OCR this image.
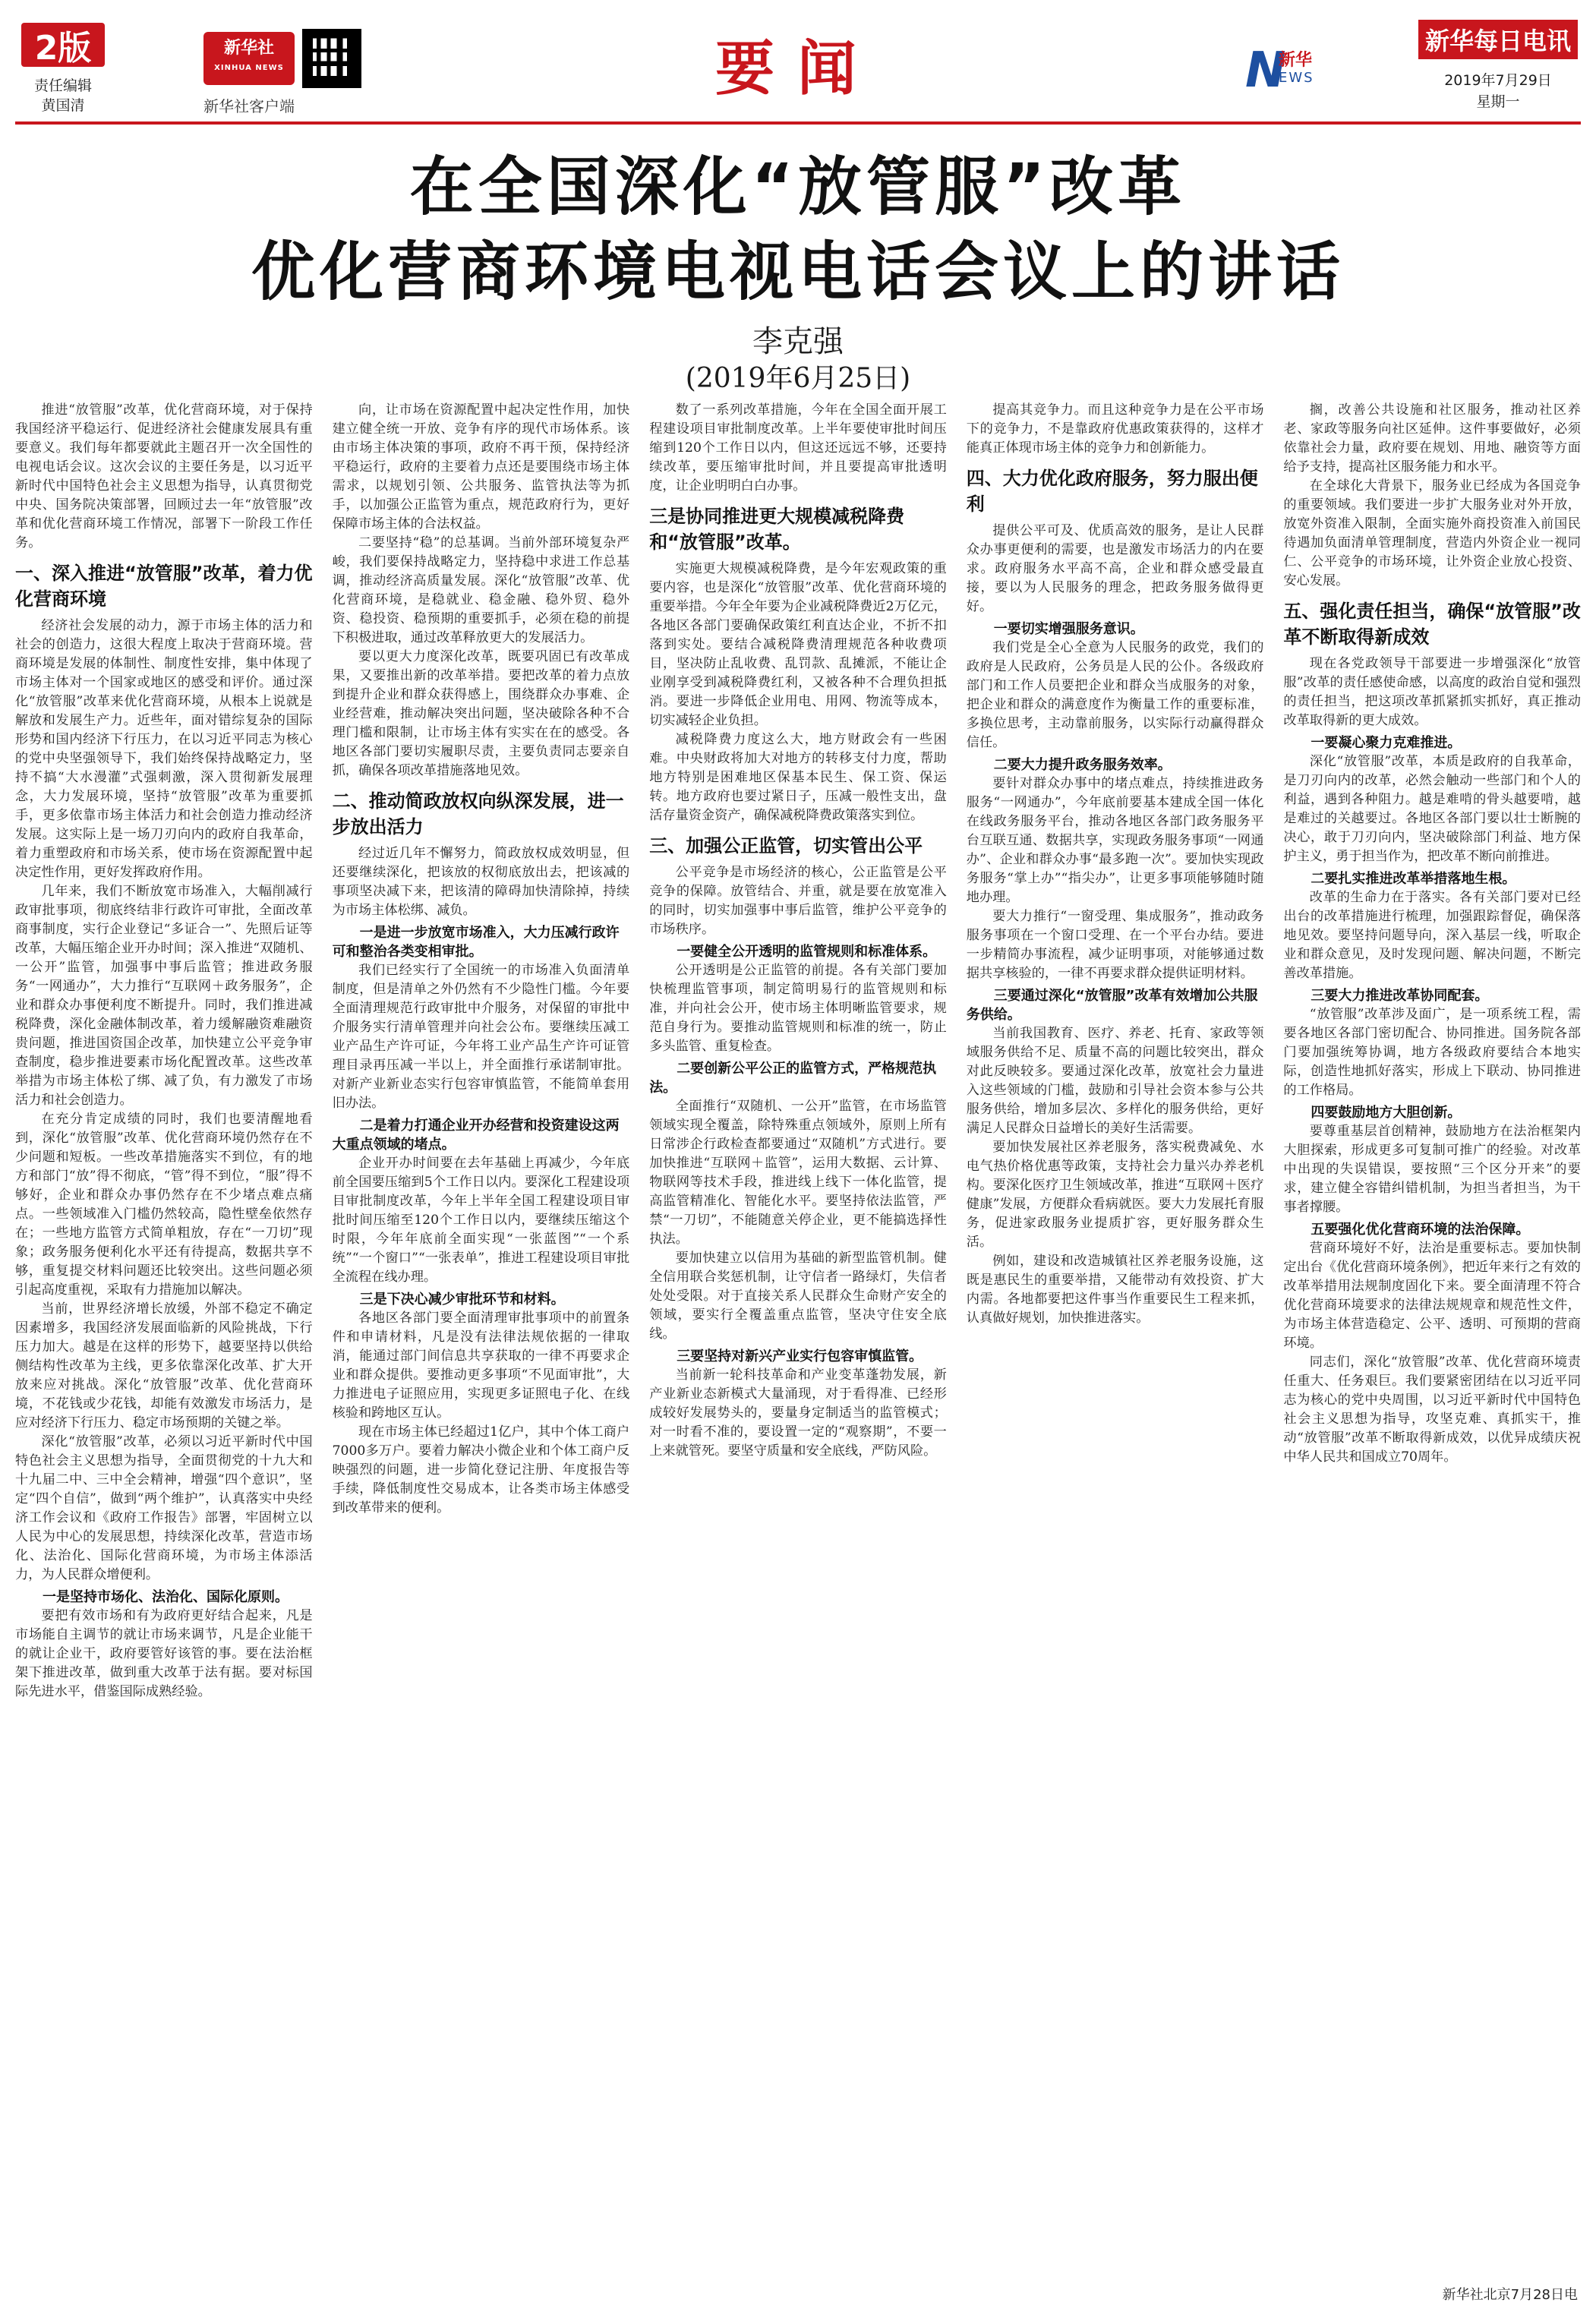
2版
责任编辑
黄国清
新华社
XINHUA NEWS
新华社客户端
要闻	N
新华
EWS
新华每日电讯
2019年7月29日
星期一
在全国深化“放管服”改革
优化营商环境电视电话会议上的讲话
李克强
(2019年6月25日)
推进“放管服”改革，优化营商环境，对于保持我国经济平稳运行、促进经济社会健康发展具有重要意义。我们每年都要就此主题召开一次全国性的电视电话会议。这次会议的主要任务是，以习近平新时代中国特色社会主义思想为指导，认真贯彻党中央、国务院决策部署，回顾过去一年“放管服”改革和优化营商环境工作情况，部署下一阶段工作任务。
一、深入推进“放管服”改革，着力优化营商环境
经济社会发展的动力，源于市场主体的活力和社会的创造力，这很大程度上取决于营商环境。营商环境是发展的体制性、制度性安排，集中体现了市场主体对一个国家或地区的感受和评价。通过深化“放管服”改革来优化营商环境，从根本上说就是解放和发展生产力。近些年，面对错综复杂的国际形势和国内经济下行压力，在以习近平同志为核心的党中央坚强领导下，我们始终保持战略定力，坚持不搞“大水漫灌”式强刺激，深入贯彻新发展理念，大力发展环境，坚持“放管服”改革为重要抓手，更多依靠市场主体活力和社会创造力推动经济发展。这实际上是一场刀刃向内的政府自我革命，着力重塑政府和市场关系，使市场在资源配置中起决定性作用，更好发挥政府作用。
几年来，我们不断放宽市场准入，大幅削减行政审批事项，彻底终结非行政许可审批，全面改革商事制度，实行企业登记“多证合一”、先照后证等改革，大幅压缩企业开办时间；深入推进“双随机、一公开”监管，加强事中事后监管；推进政务服务“一网通办”，大力推行“互联网＋政务服务”，企业和群众办事便利度不断提升。同时，我们推进减税降费，深化金融体制改革，着力缓解融资难融资贵问题，推进国资国企改革，加快建立公平竞争审查制度，稳步推进要素市场化配置改革。这些改革举措为市场主体松了绑、减了负，有力激发了市场活力和社会创造力。
在充分肯定成绩的同时，我们也要清醒地看到，深化“放管服”改革、优化营商环境仍然存在不少问题和短板。一些改革措施落实不到位，有的地方和部门“放”得不彻底，“管”得不到位，“服”得不够好，企业和群众办事仍然存在不少堵点难点痛点。一些领域准入门槛仍然较高，隐性壁垒依然存在；一些地方监管方式简单粗放，存在“一刀切”现象；政务服务便利化水平还有待提高，数据共享不够，重复提交材料问题还比较突出。这些问题必须引起高度重视，采取有力措施加以解决。
当前，世界经济增长放缓，外部不稳定不确定因素增多，我国经济发展面临新的风险挑战，下行压力加大。越是在这样的形势下，越要坚持以供给侧结构性改革为主线，更多依靠深化改革、扩大开放来应对挑战。深化“放管服”改革、优化营商环境，不花钱或少花钱，却能有效激发市场活力，是应对经济下行压力、稳定市场预期的关键之举。
深化“放管服”改革，必须以习近平新时代中国特色社会主义思想为指导，全面贯彻党的十九大和十九届二中、三中全会精神，增强“四个意识”，坚定“四个自信”，做到“两个维护”，认真落实中央经济工作会议和《政府工作报告》部署，牢固树立以人民为中心的发展思想，持续深化改革，营造市场化、法治化、国际化营商环境，为市场主体添活力，为人民群众增便利。
一是坚持市场化、法治化、国际化原则。
要把有效市场和有为政府更好结合起来，凡是市场能自主调节的就让市场来调节，凡是企业能干的就让企业干，政府要管好该管的事。要在法治框架下推进改革，做到重大改革于法有据。要对标国际先进水平，借鉴国际成熟经验。
向，让市场在资源配置中起决定性作用，加快建立健全统一开放、竞争有序的现代市场体系。该由市场主体决策的事项，政府不再干预，保持经济平稳运行，政府的主要着力点还是要围绕市场主体需求，以规划引领、公共服务、监管执法等为抓手，以加强公正监管为重点，规范政府行为，更好保障市场主体的合法权益。
二要坚持“稳”的总基调。当前外部环境复杂严峻，我们要保持战略定力，坚持稳中求进工作总基调，推动经济高质量发展。深化“放管服”改革、优化营商环境，是稳就业、稳金融、稳外贸、稳外资、稳投资、稳预期的重要抓手，必须在稳的前提下积极进取，通过改革释放更大的发展活力。
要以更大力度深化改革，既要巩固已有改革成果，又要推出新的改革举措。要把改革的着力点放到提升企业和群众获得感上，围绕群众办事难、企业经营难，推动解决突出问题，坚决破除各种不合理门槛和限制，让市场主体有实实在在的感受。各地区各部门要切实履职尽责，主要负责同志要亲自抓，确保各项改革措施落地见效。
二、推动简政放权向纵深发展，进一步放出活力
经过近几年不懈努力，简政放权成效明显，但还要继续深化，把该放的权彻底放出去，把该减的事项坚决减下来，把该清的障碍加快清除掉，持续为市场主体松绑、减负。
一是进一步放宽市场准入，大力压减行政许可和整治各类变相审批。
我们已经实行了全国统一的市场准入负面清单制度，但是清单之外仍然有不少隐性门槛。今年要全面清理规范行政审批中介服务，对保留的审批中介服务实行清单管理并向社会公布。要继续压减工业产品生产许可证，今年将工业产品生产许可证管理目录再压减一半以上，并全面推行承诺制审批。对新产业新业态实行包容审慎监管，不能简单套用旧办法。
二是着力打通企业开办经营和投资建设这两大重点领域的堵点。
企业开办时间要在去年基础上再减少，今年底前全国要压缩到5个工作日以内。要深化工程建设项目审批制度改革，今年上半年全国工程建设项目审批时间压缩至120个工作日以内，要继续压缩这个时限，今年年底前全面实现“一张蓝图”“一个系统”“一个窗口”“一张表单”，推进工程建设项目审批全流程在线办理。
三是下决心减少审批环节和材料。
各地区各部门要全面清理审批事项中的前置条件和申请材料，凡是没有法律法规依据的一律取消，能通过部门间信息共享获取的一律不再要求企业和群众提供。要推动更多事项“不见面审批”，大力推进电子证照应用，实现更多证照电子化、在线核验和跨地区互认。
现在市场主体已经超过1亿户，其中个体工商户7000多万户。要着力解决小微企业和个体工商户反映强烈的问题，进一步简化登记注册、年度报告等手续，降低制度性交易成本，让各类市场主体感受到改革带来的便利。
数了一系列改革措施，今年在全国全面开展工程建设项目审批制度改革。上半年要使审批时间压缩到120个工作日以内，但这还远远不够，还要持续改革，要压缩审批时间，并且要提高审批透明度，让企业明明白白办事。
三是协同推进更大规模减税降费和“放管服”改革。
实施更大规模减税降费，是今年宏观政策的重要内容，也是深化“放管服”改革、优化营商环境的重要举措。今年全年要为企业减税降费近2万亿元，各地区各部门要确保政策红利直达企业，不折不扣落到实处。要结合减税降费清理规范各种收费项目，坚决防止乱收费、乱罚款、乱摊派，不能让企业刚享受到减税降费红利，又被各种不合理负担抵消。要进一步降低企业用电、用网、物流等成本，切实减轻企业负担。
减税降费力度这么大，地方财政会有一些困难。中央财政将加大对地方的转移支付力度，帮助地方特别是困难地区保基本民生、保工资、保运转。地方政府也要过紧日子，压减一般性支出，盘活存量资金资产，确保减税降费政策落实到位。
三、加强公正监管，切实管出公平
公平竞争是市场经济的核心，公正监管是公平竞争的保障。放管结合、并重，就是要在放宽准入的同时，切实加强事中事后监管，维护公平竞争的市场秩序。
一要健全公开透明的监管规则和标准体系。
公开透明是公正监管的前提。各有关部门要加快梳理监管事项，制定简明易行的监管规则和标准，并向社会公开，使市场主体明晰监管要求，规范自身行为。要推动监管规则和标准的统一，防止多头监管、重复检查。
二要创新公平公正的监管方式，严格规范执法。
全面推行“双随机、一公开”监管，在市场监管领域实现全覆盖，除特殊重点领域外，原则上所有日常涉企行政检查都要通过“双随机”方式进行。要加快推进“互联网＋监管”，运用大数据、云计算、物联网等技术手段，推进线上线下一体化监管，提高监管精准化、智能化水平。要坚持依法监管，严禁“一刀切”，不能随意关停企业，更不能搞选择性执法。
要加快建立以信用为基础的新型监管机制。健全信用联合奖惩机制，让守信者一路绿灯，失信者处处受限。对于直接关系人民群众生命财产安全的领域，要实行全覆盖重点监管，坚决守住安全底线。
三要坚持对新兴产业实行包容审慎监管。
当前新一轮科技革命和产业变革蓬勃发展，新产业新业态新模式大量涌现，对于看得准、已经形成较好发展势头的，要量身定制适当的监管模式；对一时看不准的，要设置一定的“观察期”，不要一上来就管死。要坚守质量和安全底线，严防风险。
提高其竞争力。而且这种竞争力是在公平市场下的竞争力，不是靠政府优惠政策获得的，这样才能真正体现市场主体的竞争力和创新能力。
四、大力优化政府服务，努力服出便利
提供公平可及、优质高效的服务，是让人民群众办事更便利的需要，也是激发市场活力的内在要求。政府服务水平高不高，企业和群众感受最直接，要以为人民服务的理念，把政务服务做得更好。
一要切实增强服务意识。
我们党是全心全意为人民服务的政党，我们的政府是人民政府，公务员是人民的公仆。各级政府部门和工作人员要把企业和群众当成服务的对象，把企业和群众的满意度作为衡量工作的重要标准，多换位思考，主动靠前服务，以实际行动赢得群众信任。
二要大力提升政务服务效率。
要针对群众办事中的堵点难点，持续推进政务服务“一网通办”，今年底前要基本建成全国一体化在线政务服务平台，推动各地区各部门政务服务平台互联互通、数据共享，实现政务服务事项“一网通办”、企业和群众办事“最多跑一次”。要加快实现政务服务“掌上办”“指尖办”，让更多事项能够随时随地办理。
要大力推行“一窗受理、集成服务”，推动政务服务事项在一个窗口受理、在一个平台办结。要进一步精简办事流程，减少证明事项，对能够通过数据共享核验的，一律不再要求群众提供证明材料。
三要通过深化“放管服”改革有效增加公共服务供给。
当前我国教育、医疗、养老、托育、家政等领域服务供给不足、质量不高的问题比较突出，群众对此反映较多。要通过深化改革，放宽社会力量进入这些领域的门槛，鼓励和引导社会资本参与公共服务供给，增加多层次、多样化的服务供给，更好满足人民群众日益增长的美好生活需要。
要加快发展社区养老服务，落实税费减免、水电气热价格优惠等政策，支持社会力量兴办养老机构。要深化医疗卫生领域改革，推进“互联网＋医疗健康”发展，方便群众看病就医。要大力发展托育服务，促进家政服务业提质扩容，更好服务群众生活。
例如，建设和改造城镇社区养老服务设施，这既是惠民生的重要举措，又能带动有效投资、扩大内需。各地都要把这件事当作重要民生工程来抓，认真做好规划，加快推进落实。
搁，改善公共设施和社区服务，推动社区养老、家政等服务向社区延伸。这件事要做好，必须依靠社会力量，政府要在规划、用地、融资等方面给予支持，提高社区服务能力和水平。
在全球化大背景下，服务业已经成为各国竞争的重要领域。我们要进一步扩大服务业对外开放，放宽外资准入限制，全面实施外商投资准入前国民待遇加负面清单管理制度，营造内外资企业一视同仁、公平竞争的市场环境，让外资企业放心投资、安心发展。
五、强化责任担当，确保“放管服”改革不断取得新成效
现在各党政领导干部要进一步增强深化“放管服”改革的责任感使命感，以高度的政治自觉和强烈的责任担当，把这项改革抓紧抓实抓好，真正推动改革取得新的更大成效。
一要凝心聚力克难推进。
深化“放管服”改革，本质是政府的自我革命，是刀刃向内的改革，必然会触动一些部门和个人的利益，遇到各种阻力。越是难啃的骨头越要啃，越是难过的关越要过。各地区各部门要以壮士断腕的决心，敢于刀刃向内，坚决破除部门利益、地方保护主义，勇于担当作为，把改革不断向前推进。
二要扎实推进改革举措落地生根。
改革的生命力在于落实。各有关部门要对已经出台的改革措施进行梳理，加强跟踪督促，确保落地见效。要坚持问题导向，深入基层一线，听取企业和群众意见，及时发现问题、解决问题，不断完善改革措施。
三要大力推进改革协同配套。
“放管服”改革涉及面广，是一项系统工程，需要各地区各部门密切配合、协同推进。国务院各部门要加强统筹协调，地方各级政府要结合本地实际，创造性地抓好落实，形成上下联动、协同推进的工作格局。
四要鼓励地方大胆创新。
要尊重基层首创精神，鼓励地方在法治框架内大胆探索，形成更多可复制可推广的经验。对改革中出现的失误错误，要按照“三个区分开来”的要求，建立健全容错纠错机制，为担当者担当，为干事者撑腰。
五要强化优化营商环境的法治保障。
营商环境好不好，法治是重要标志。要加快制定出台《优化营商环境条例》，把近年来行之有效的改革举措用法规制度固化下来。要全面清理不符合优化营商环境要求的法律法规规章和规范性文件，为市场主体营造稳定、公平、透明、可预期的营商环境。
同志们，深化“放管服”改革、优化营商环境责任重大、任务艰巨。我们要紧密团结在以习近平同志为核心的党中央周围，以习近平新时代中国特色社会主义思想为指导，攻坚克难、真抓实干，推动“放管服”改革不断取得新成效，以优异成绩庆祝中华人民共和国成立70周年。
新华社北京7月28日电
